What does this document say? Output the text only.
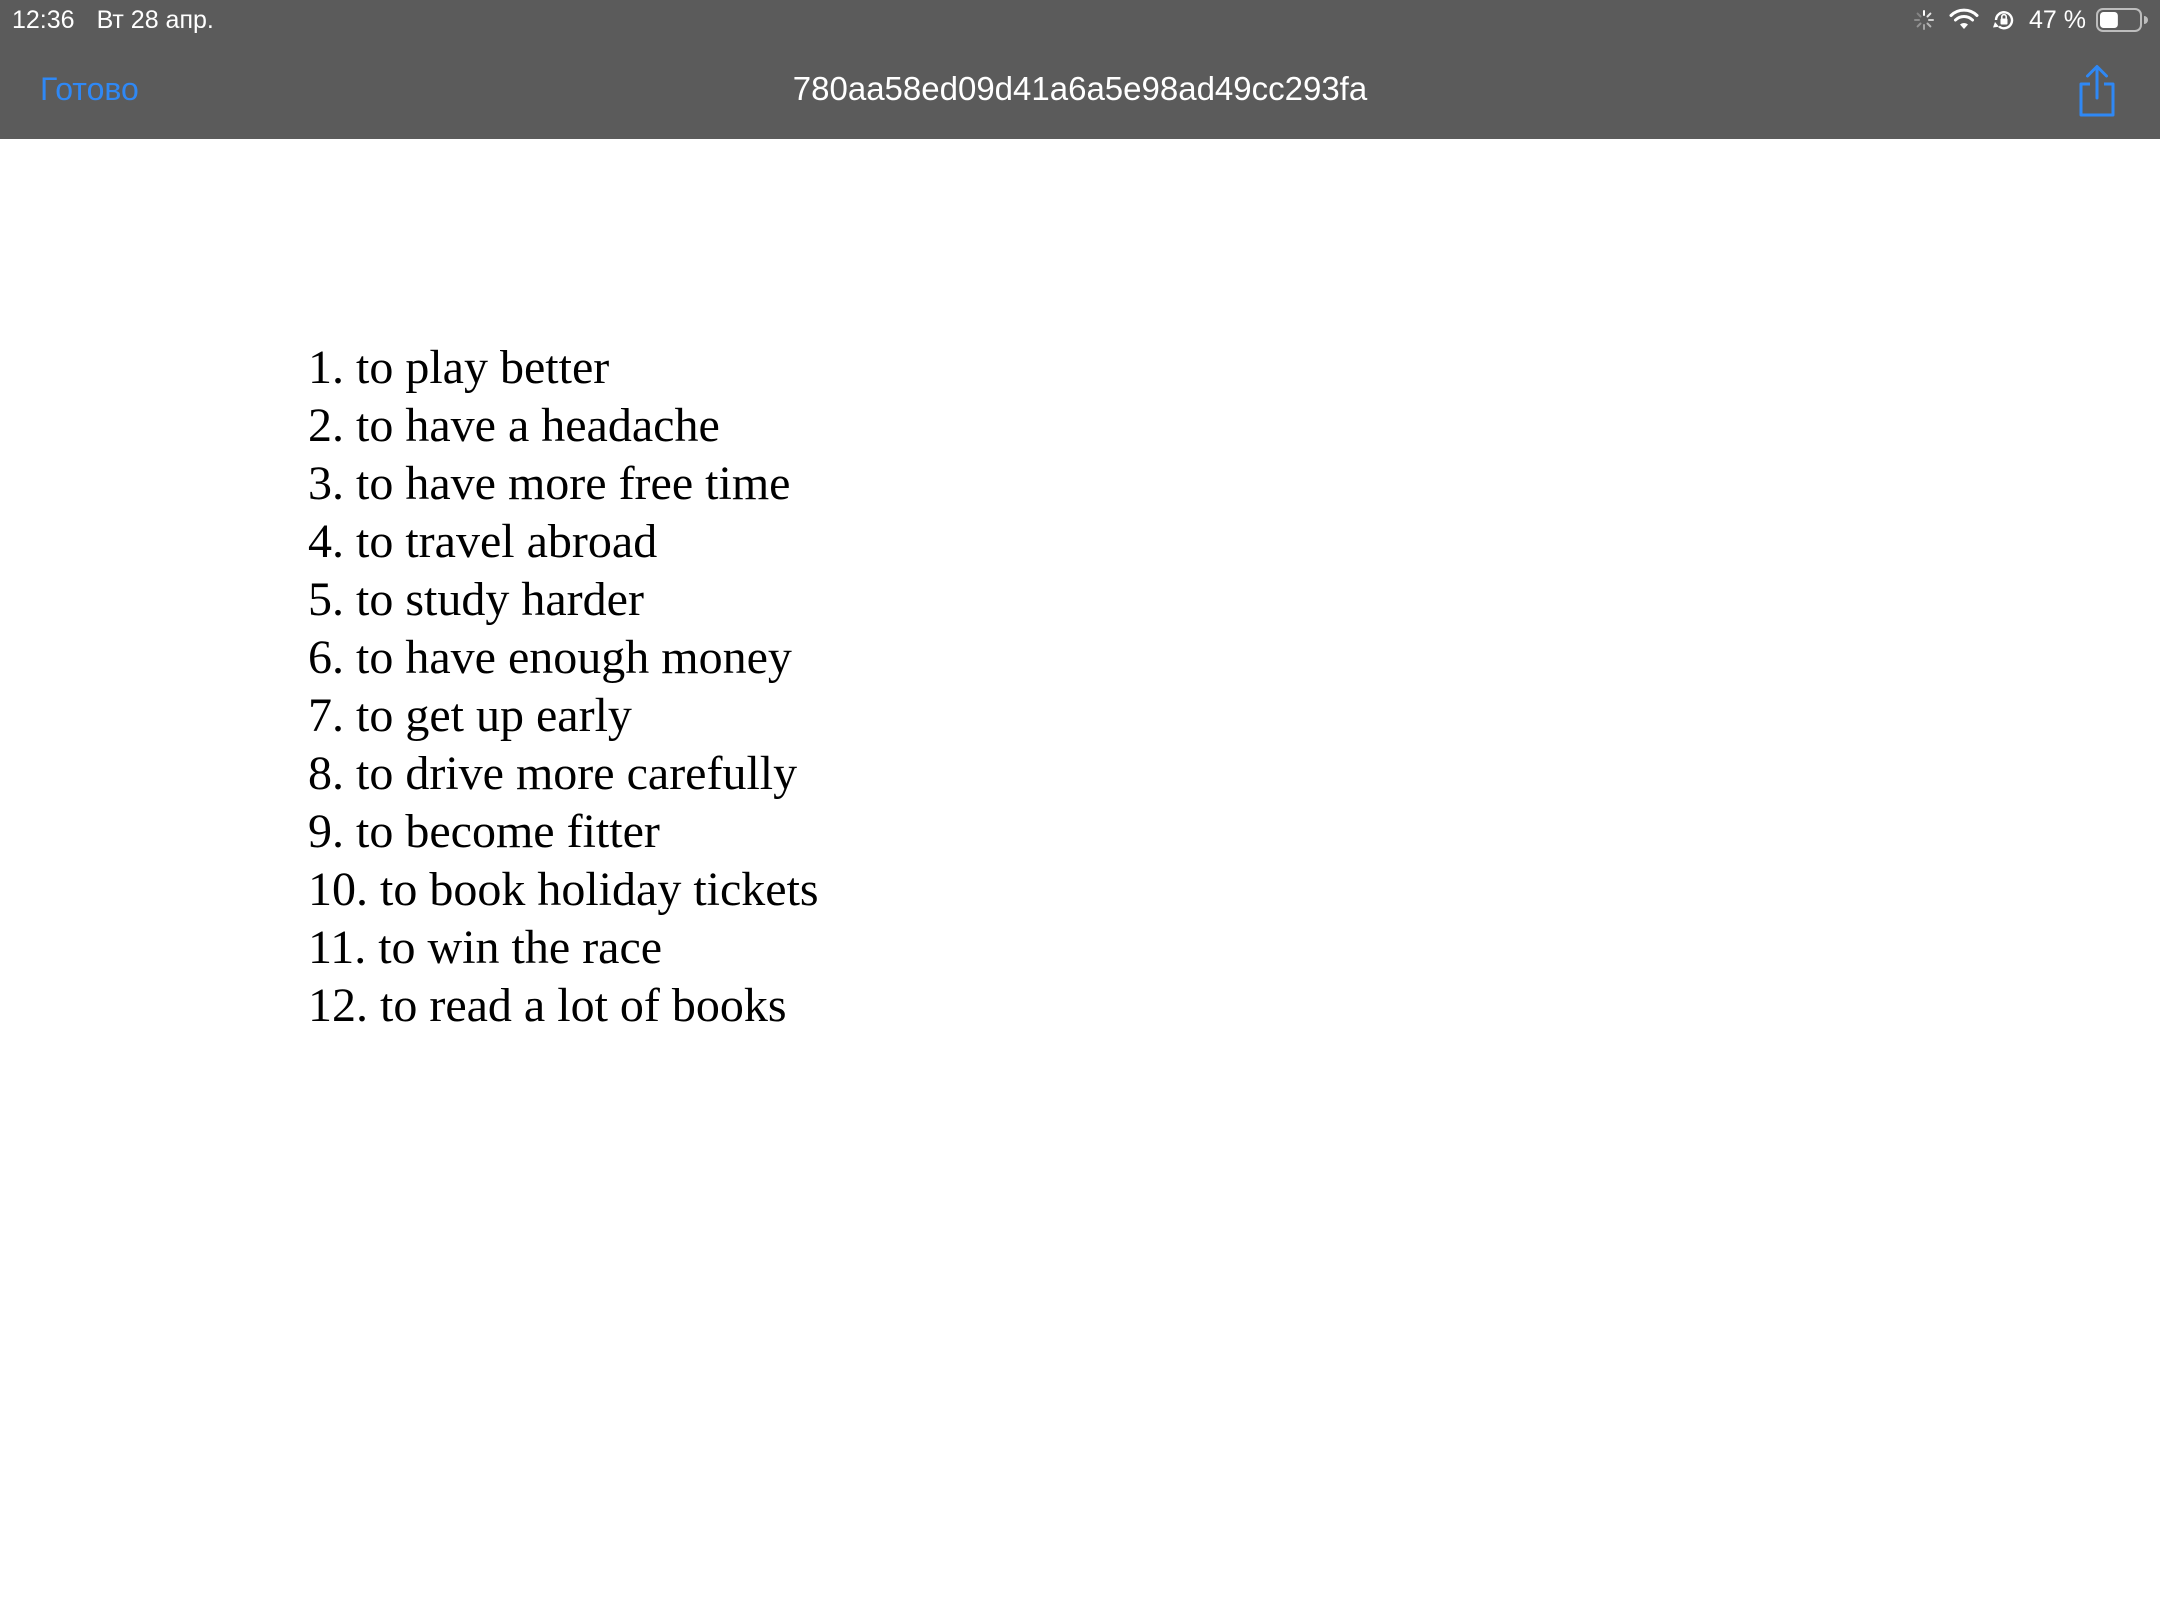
12:36 Вт 28 апр.	47 %
Готово	780aa58ed09d41a6a5e98ad49cc293fa
1. to play better
2. to have a headache
3. to have more free time
4. to travel abroad
5. to study harder
6. to have enough money
7. to get up early
8. to drive more carefully
9. to become fitter
10. to book holiday tickets
11. to win the race
12. to read a lot of books
